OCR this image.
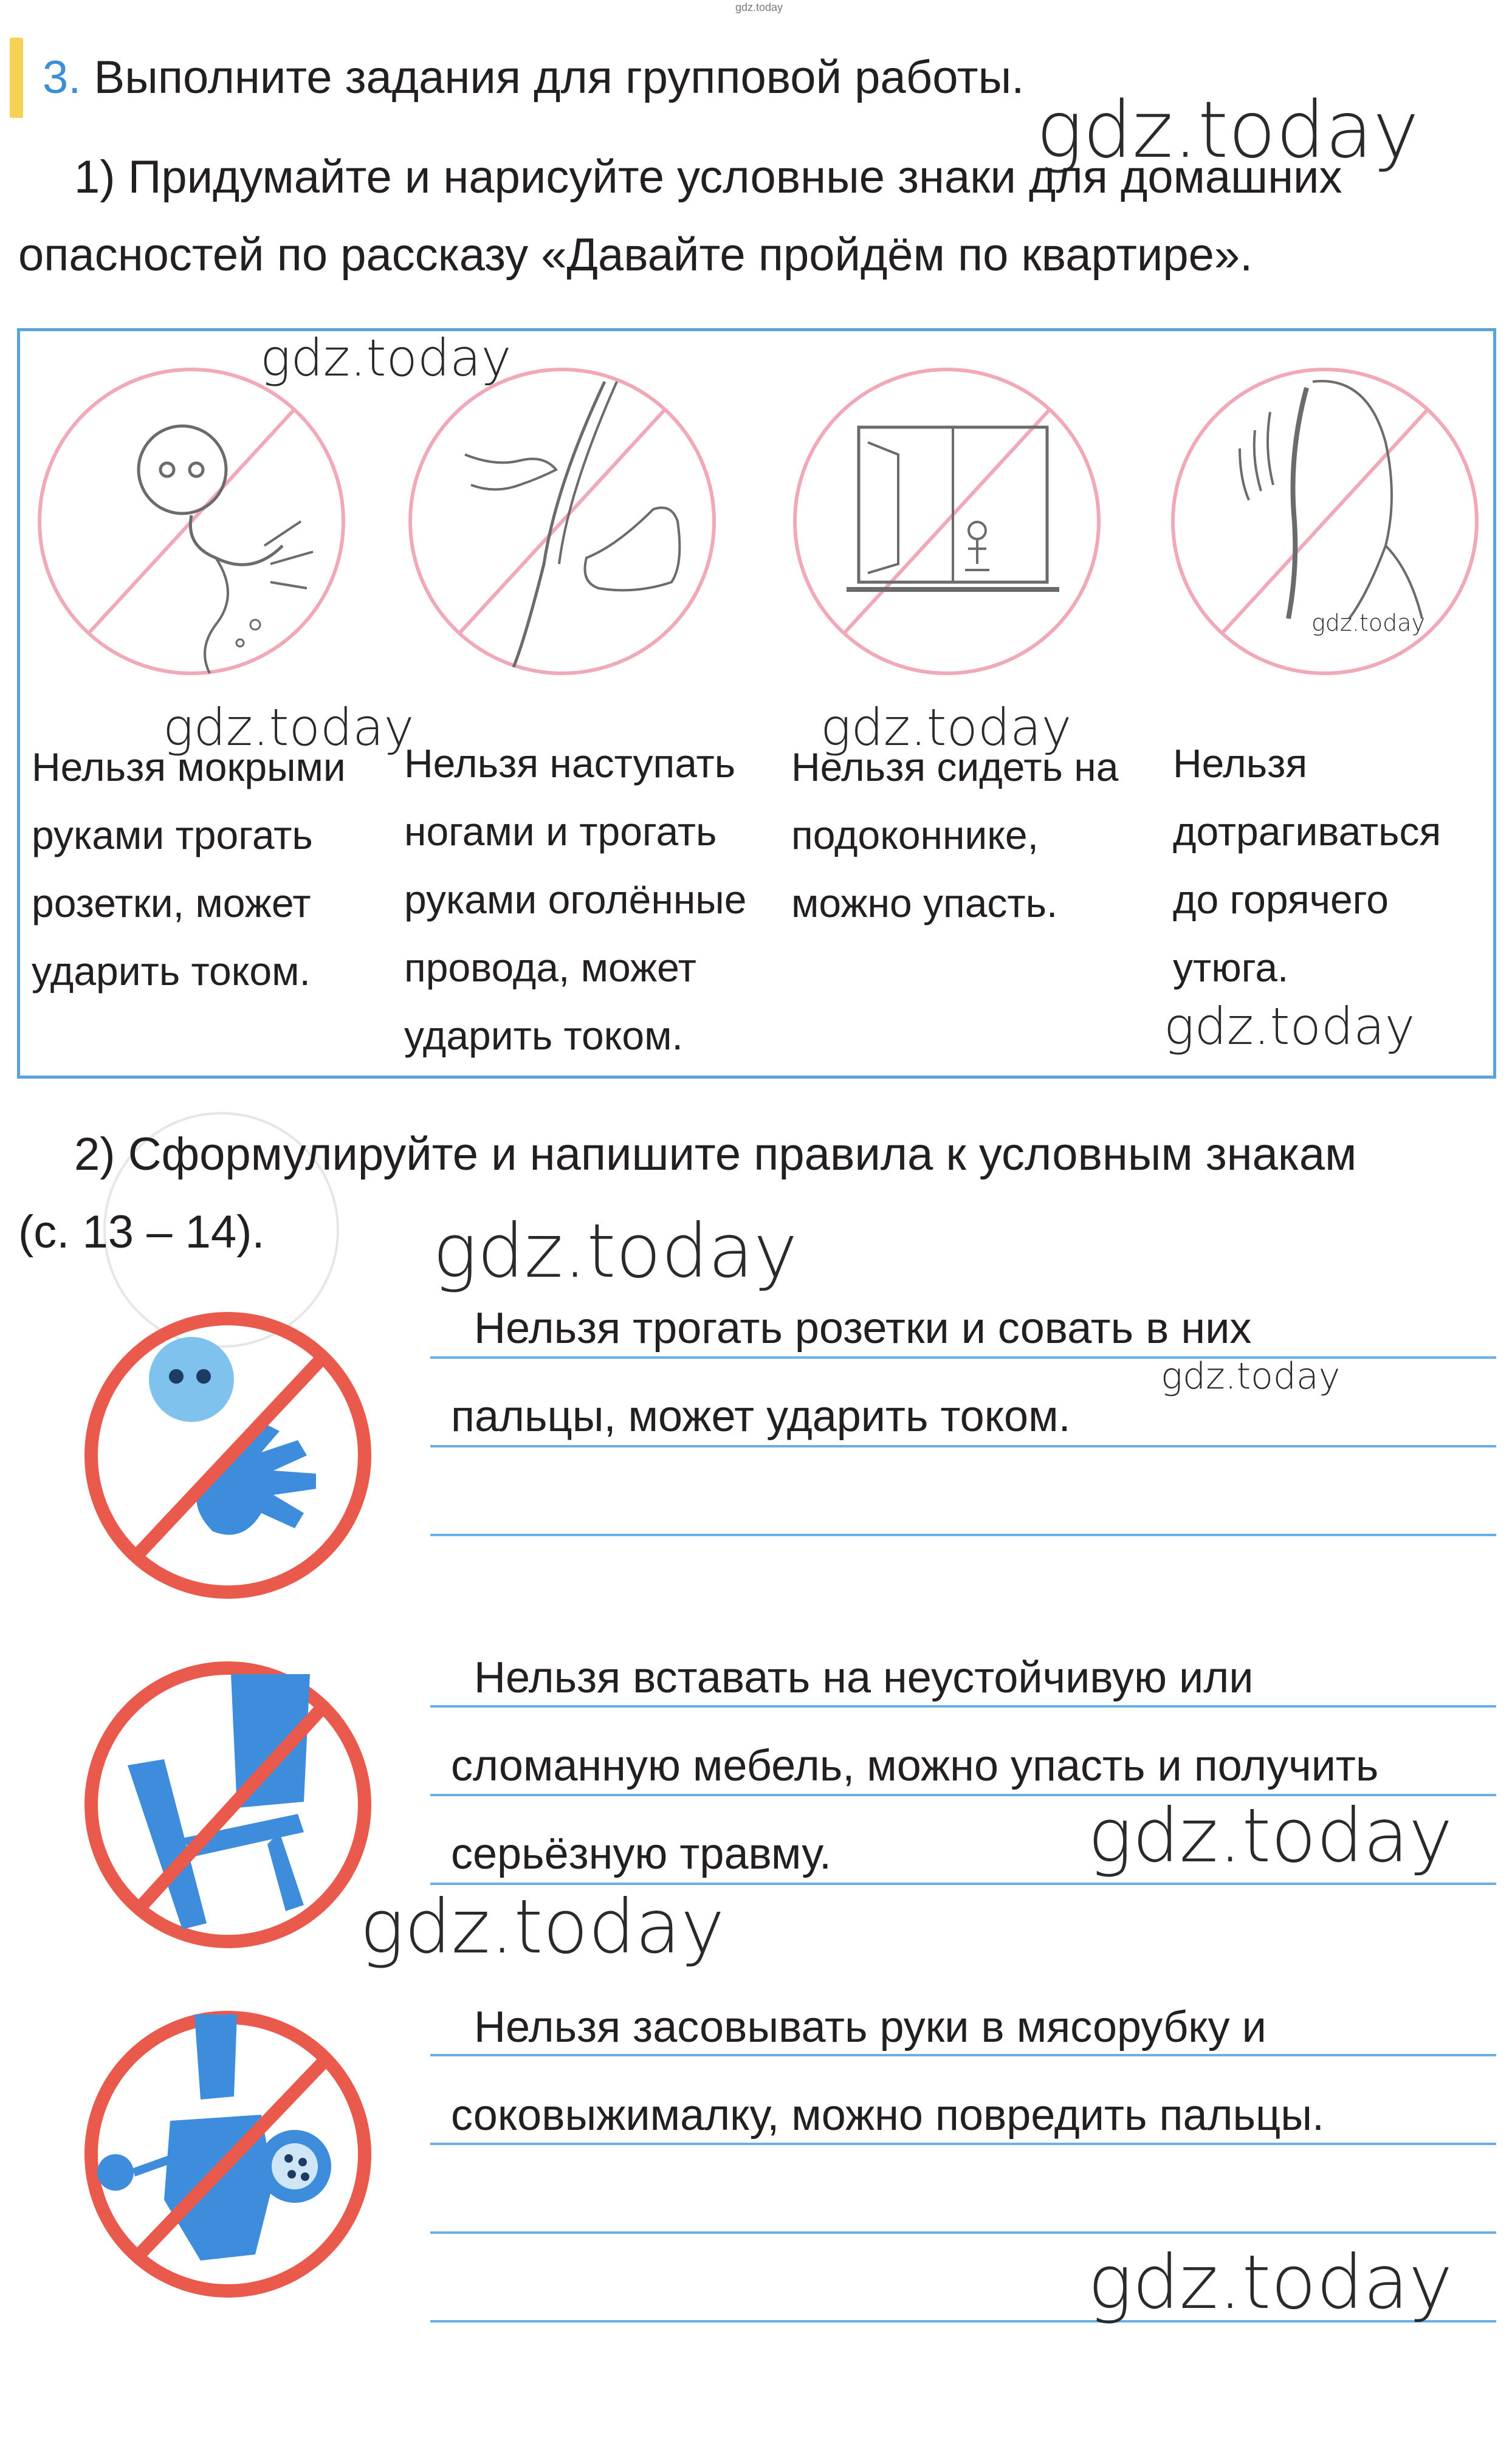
gdz.today
3. Выполните задания для групповой работы.
gdz.today
1) Придумайте и нарисуйте условные знаки для домашних
опасностей по рассказу «Давайте пройдём по квартире».
gdz.today
gdz.today
gdz.today	gdz.today
Нельзя мокрыми
руками трогать
розетки, может
ударить током.
Нельзя наступать
ногами и трогать
руками оголённые
провода, может
ударить током.
Нельзя сидеть на
подоконнике,
можно упасть.
Нельзя
дотрагиваться
до горячего
утюга.
gdz.today
2) Сформулируйте и напишите правила к условным знакам
(с. 13 – 14). gdz.today
Нельзя трогать розетки и совать в них
пальцы, может ударить током.
gdz.today
Нельзя вставать на неустойчивую или
сломанную мебель, можно упасть и получить
серьёзную травму.	gdz.today
gdz.today
Нельзя засовывать руки в мясорубку и
соковыжималку, можно повредить пальцы.
gdz.today
